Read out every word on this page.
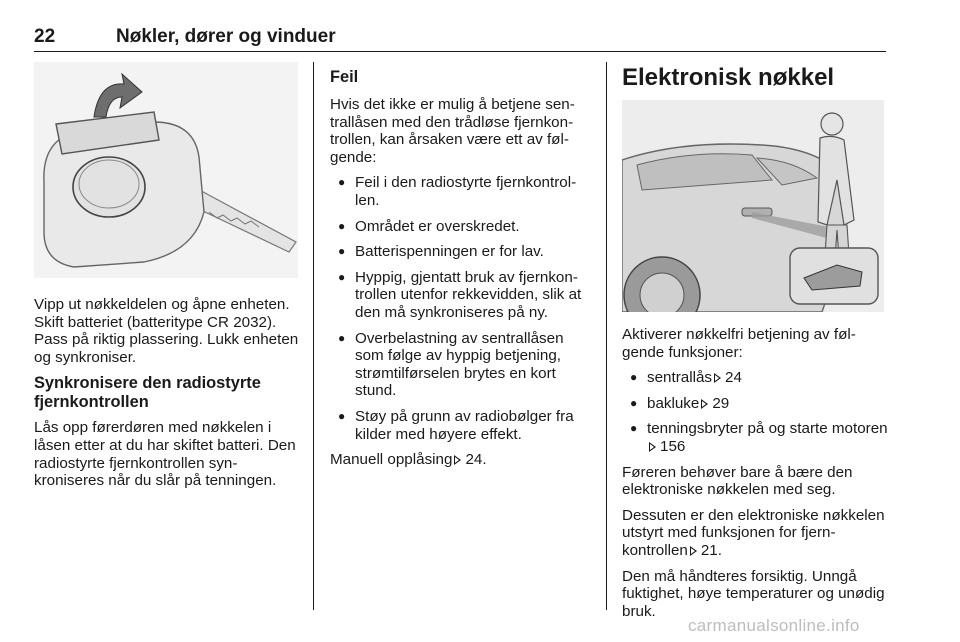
22	Nøkler, dører og vinduer

Vipp ut nøkkeldelen og åpne enheten. Skift batteriet (batteritype CR 2032). Pass på riktig plassering. Lukk enheten og synkroniser.

Synkronisere den radiostyrte fjernkontrollen

Lås opp førerdøren med nøkkelen i låsen etter at du har skiftet batteri. Den radiostyrte fjernkontrollen synkroniseres når du slår på tenningen.

Feil

Hvis det ikke er mulig å betjene sentrallåsen med den trådløse fjernkontrollen, kan årsaken være ett av følgende:

● Feil i den radiostyrte fjernkontrollen.
● Området er overskredet.
● Batterispenningen er for lav.
● Hyppig, gjentatt bruk av fjernkontrollen utenfor rekkevidden, slik at den må synkroniseres på ny.
● Overbelastning av sentrallåsen som følge av hyppig betjening, strømtilførselen brytes en kort stund.
● Støy på grunn av radiobølger fra kilder med høyere effekt.

Manuell opplåsing 24.

Elektronisk nøkkel

Aktiverer nøkkelfri betjening av følgende funksjoner:

● sentrallås 24
● bakluke 29
● tenningsbryter på og starte motoren156

Føreren behøver bare å bære den elektroniske nøkkelen med seg.

Dessuten er den elektroniske nøkkelen utstyrt med funksjonen for fjernkontrollen 21.

Den må håndteres forsiktig. Unngå fuktighet, høye temperaturer og unødig bruk.

carmanualsonline.info
